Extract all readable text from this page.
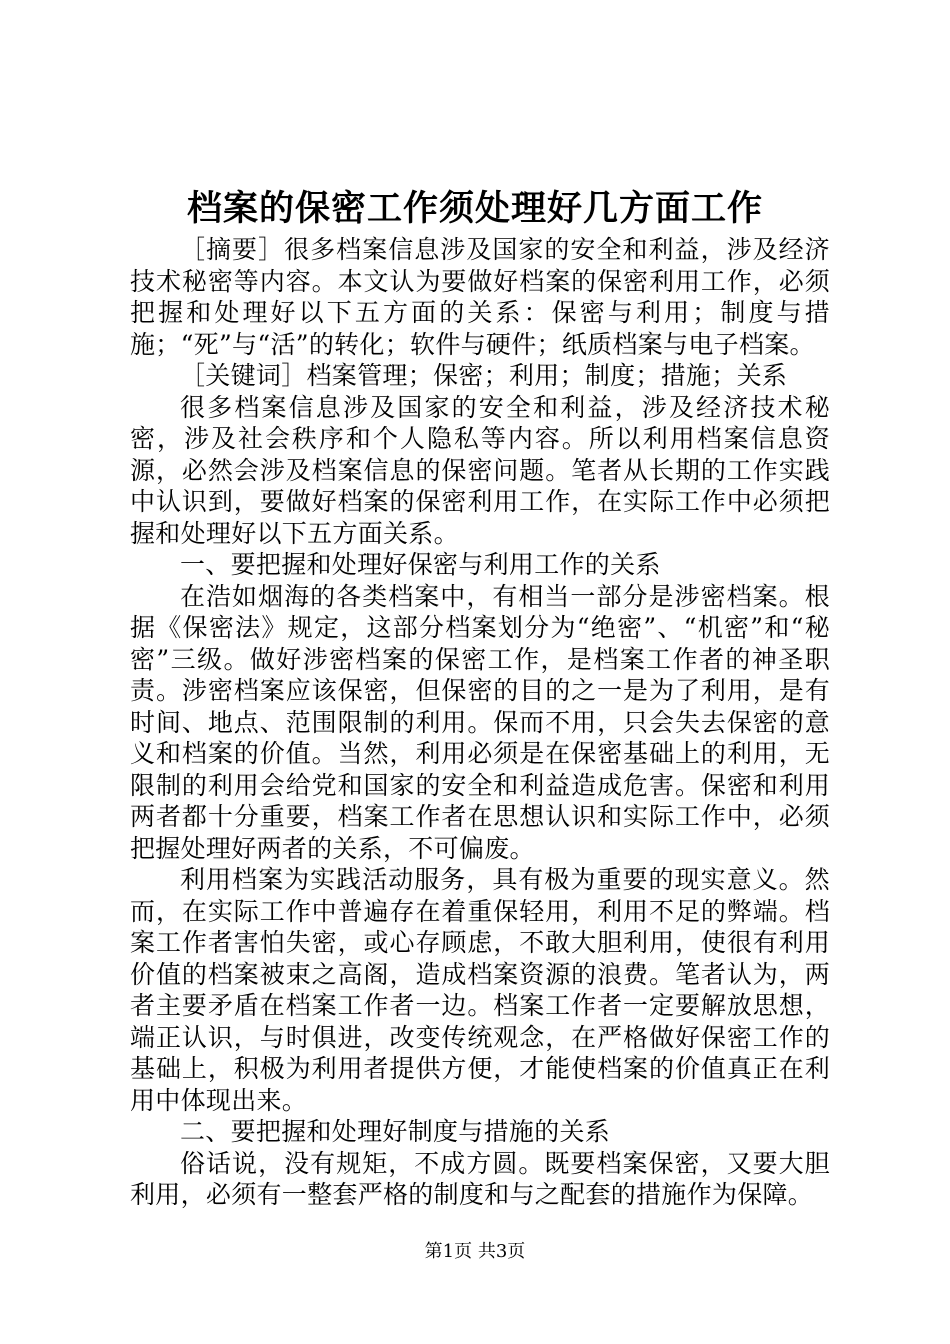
档案的保密工作须处理好几方面工作

［摘要］很多档案信息涉及国家的安全和利益，涉及经济技术秘密等内容。本文认为要做好档案的保密利用工作，必须把握和处理好以下五方面的关系：保密与利用；制度与措施；“死”与“活”的转化；软件与硬件；纸质档案与电子档案。

［关键词］档案管理；保密；利用；制度；措施；关系

很多档案信息涉及国家的安全和利益，涉及经济技术秘密，涉及社会秩序和个人隐私等内容。所以利用档案信息资源，必然会涉及档案信息的保密问题。笔者从长期的工作实践中认识到，要做好档案的保密利用工作，在实际工作中必须把握和处理好以下五方面关系。

一、要把握和处理好保密与利用工作的关系

在浩如烟海的各类档案中，有相当一部分是涉密档案。根据《保密法》规定，这部分档案划分为“绝密”、“机密”和“秘密”三级。做好涉密档案的保密工作，是档案工作者的神圣职责。涉密档案应该保密，但保密的目的之一是为了利用，是有时间、地点、范围限制的利用。保而不用，只会失去保密的意义和档案的价值。当然，利用必须是在保密基础上的利用，无限制的利用会给党和国家的安全和利益造成危害。保密和利用两者都十分重要，档案工作者在思想认识和实际工作中，必须把握处理好两者的关系，不可偏废。

利用档案为实践活动服务，具有极为重要的现实意义。然而，在实际工作中普遍存在着重保轻用，利用不足的弊端。档案工作者害怕失密，或心存顾虑，不敢大胆利用，使很有利用价值的档案被束之高阁，造成档案资源的浪费。笔者认为，两者主要矛盾在档案工作者一边。档案工作者一定要解放思想，端正认识，与时俱进，改变传统观念，在严格做好保密工作的基础上，积极为利用者提供方便，才能使档案的价值真正在利用中体现出来。

二、要把握和处理好制度与措施的关系

俗话说，没有规矩，不成方圆。既要档案保密，又要大胆利用，必须有一整套严格的制度和与之配套的措施作为保障。

第1页 共3页
